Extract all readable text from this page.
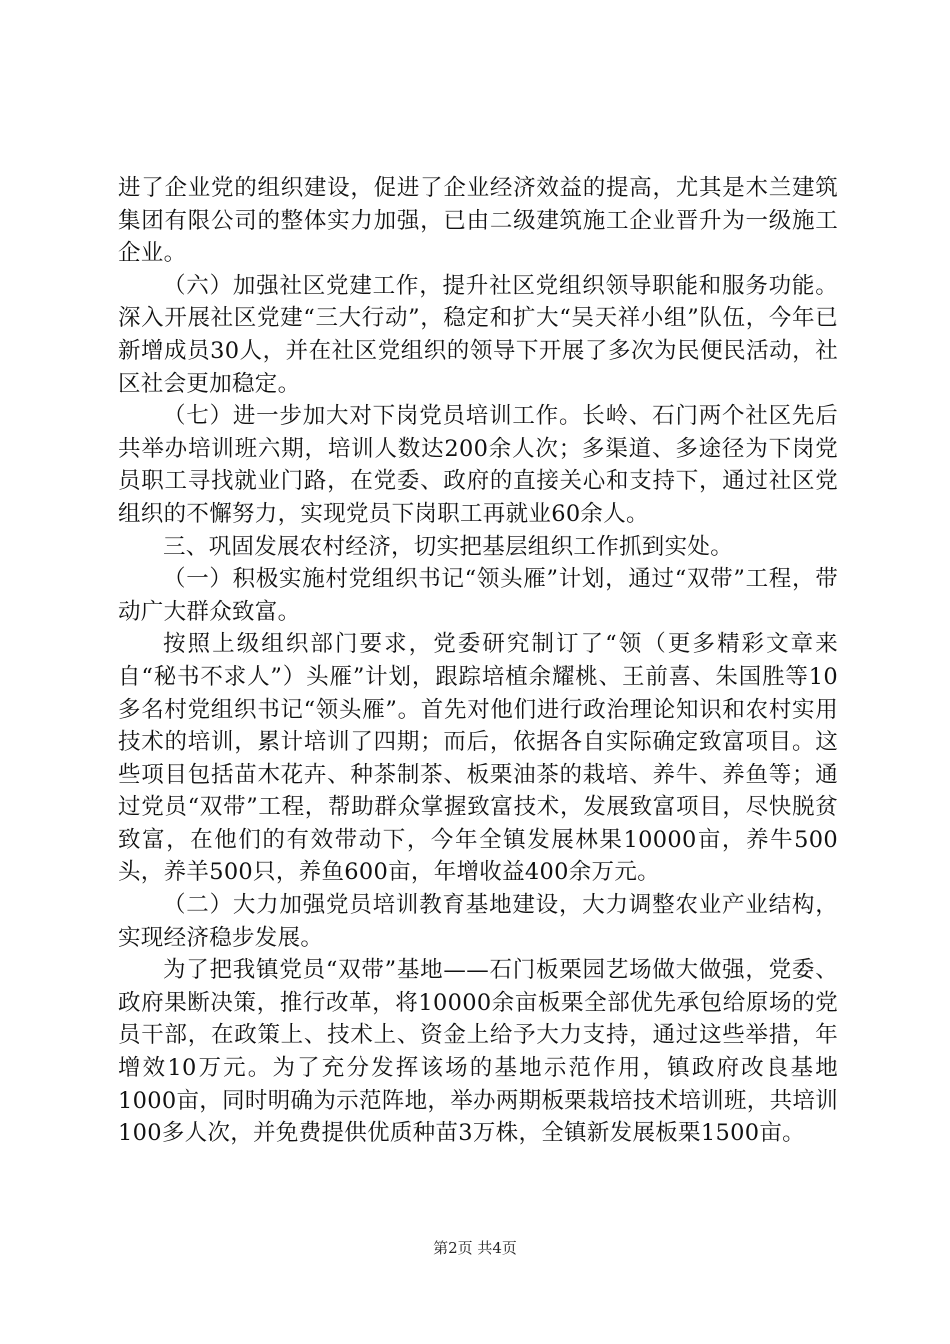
进了企业党的组织建设，促进了企业经济效益的提高，尤其是木兰建筑集团有限公司的整体实力加强，已由二级建筑施工企业晋升为一级施工企业。

（六）加强社区党建工作，提升社区党组织领导职能和服务功能。深入开展社区党建“三大行动”，稳定和扩大“吴天祥小组”队伍，今年已新增成员30人，并在社区党组织的领导下开展了多次为民便民活动，社区社会更加稳定。

（七）进一步加大对下岗党员培训工作。长岭、石门两个社区先后共举办培训班六期，培训人数达200余人次；多渠道、多途径为下岗党员职工寻找就业门路，在党委、政府的直接关心和支持下，通过社区党组织的不懈努力，实现党员下岗职工再就业60余人。

三、巩固发展农村经济，切实把基层组织工作抓到实处。

（一）积极实施村党组织书记“领头雁”计划，通过“双带”工程，带动广大群众致富。

按照上级组织部门要求，党委研究制订了“领（更多精彩文章来自“秘书不求人”）头雁”计划，跟踪培植余耀桃、王前喜、朱国胜等10多名村党组织书记“领头雁”。首先对他们进行政治理论知识和农村实用技术的培训，累计培训了四期；而后，依据各自实际确定致富项目。这些项目包括苗木花卉、种茶制茶、板栗油茶的栽培、养牛、养鱼等；通过党员“双带”工程，帮助群众掌握致富技术，发展致富项目，尽快脱贫致富，在他们的有效带动下，今年全镇发展林果10000亩，养牛500头，养羊500只，养鱼600亩，年增收益400余万元。

（二）大力加强党员培训教育基地建设，大力调整农业产业结构，实现经济稳步发展。

为了把我镇党员“双带”基地——石门板栗园艺场做大做强，党委、政府果断决策，推行改革，将10000余亩板栗全部优先承包给原场的党员干部，在政策上、技术上、资金上给予大力支持，通过这些举措，年增效10万元。为了充分发挥该场的基地示范作用，镇政府改良基地1000亩，同时明确为示范阵地，举办两期板栗栽培技术培训班，共培训100多人次，并免费提供优质种苗3万株，全镇新发展板栗1500亩。

第2页 共4页
